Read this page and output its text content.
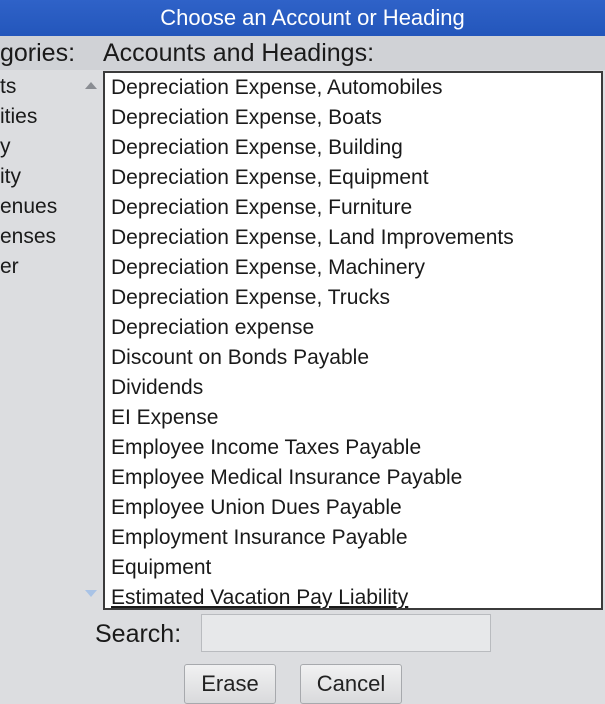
Choose an Account or Heading
gories: Accounts and Headings:
ts
ities
y
ity
enues
enses
er
Depreciation Expense, Automobiles
Depreciation Expense, Boats
Depreciation Expense, Building
Depreciation Expense, Equipment
Depreciation Expense, Furniture
Depreciation Expense, Land Improvements
Depreciation Expense, Machinery
Depreciation Expense, Trucks
Depreciation expense
Discount on Bonds Payable
Dividends
EI Expense
Employee Income Taxes Payable
Employee Medical Insurance Payable
Employee Union Dues Payable
Employment Insurance Payable
Equipment
Estimated Vacation Pay Liability
Search:
Erase	Cancel
